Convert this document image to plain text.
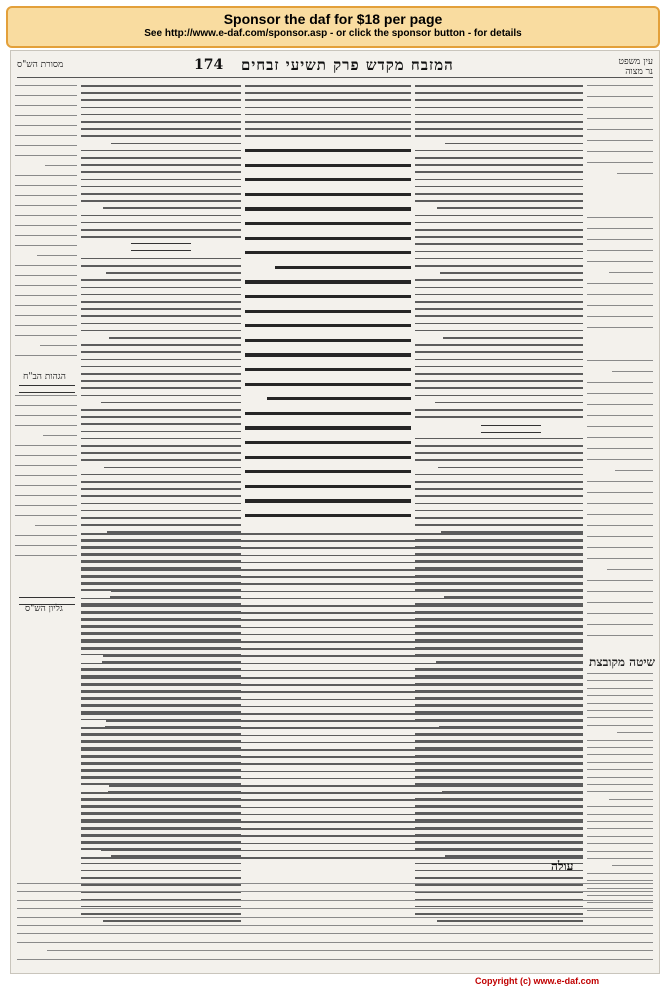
Sponsor the daf for $18 per page
See http://www.e-daf.com/sponsor.asp - or click the sponsor button - for details
מסורת הש"ס	המזבח מקדש פרק תשיעי זבחים
174	עין משפט
נר מצוה
הגהות הב"ח
גליון הש"ס
שיטה מקובצת
עולה
Copyright (c) www.e-daf.com
